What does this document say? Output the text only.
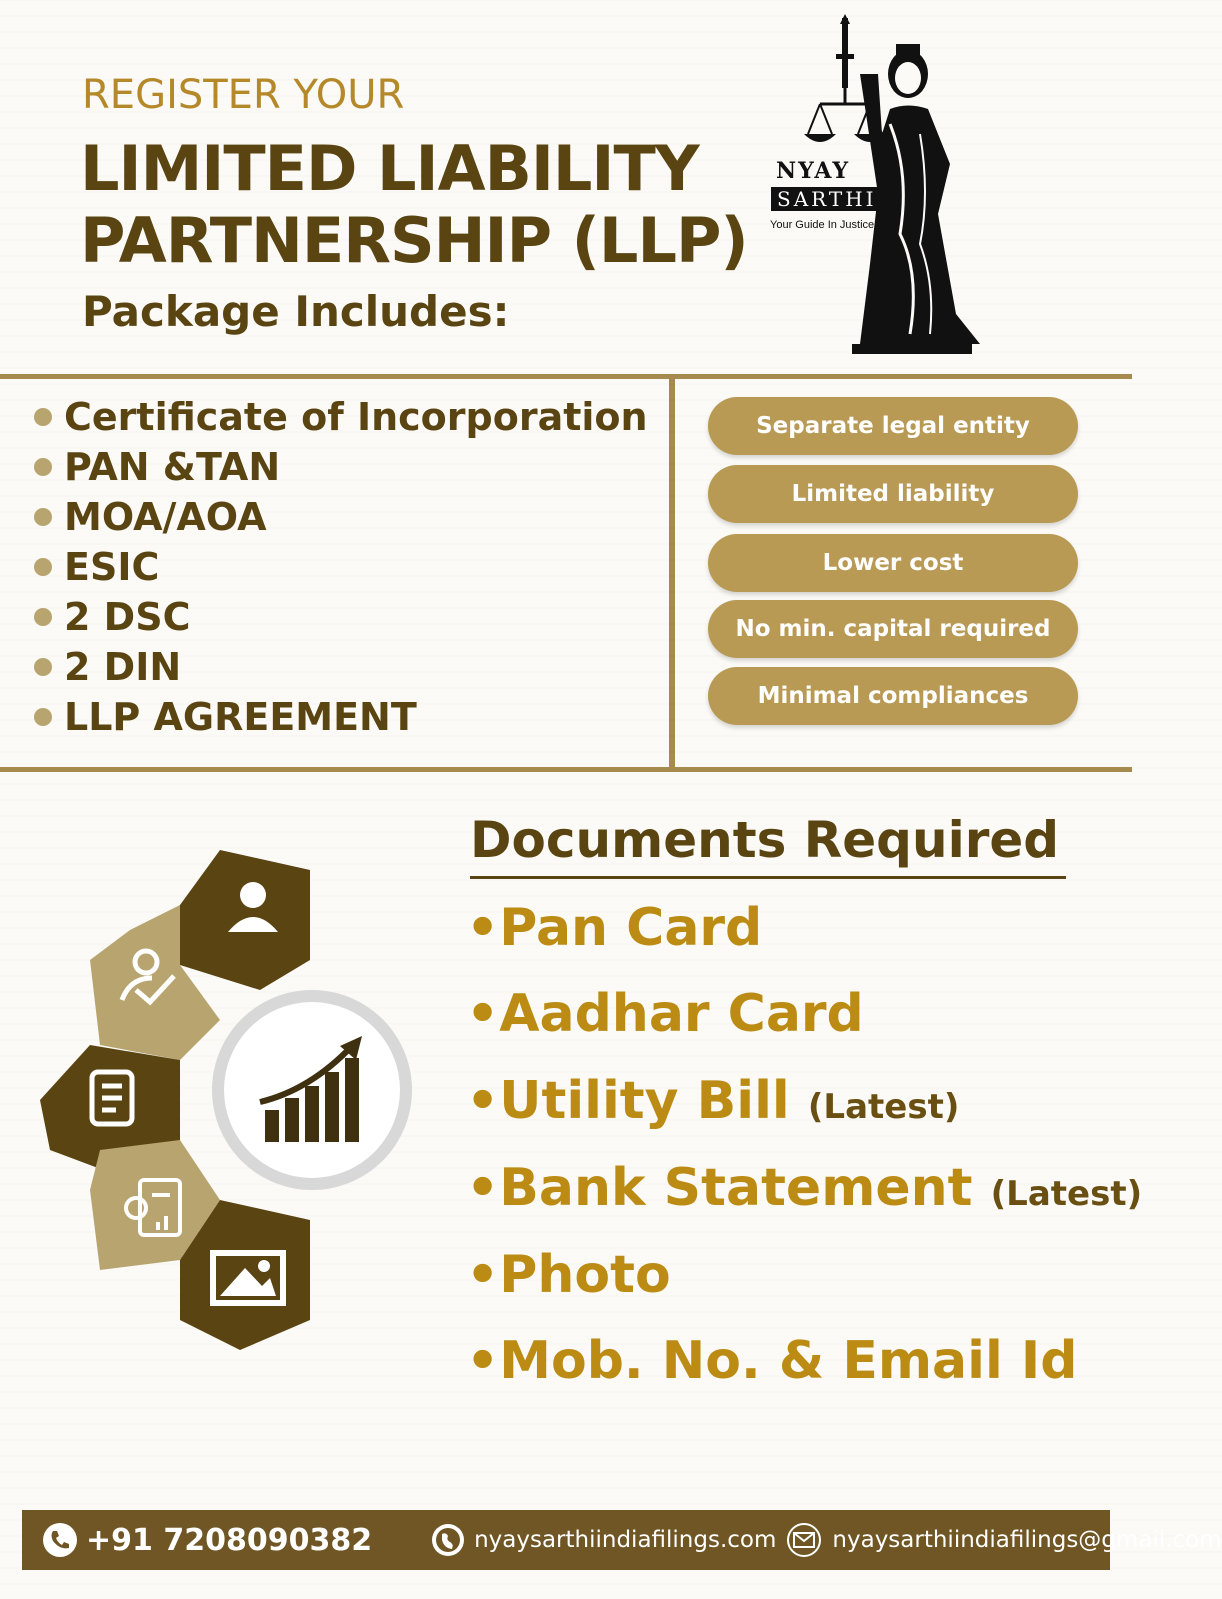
REGISTER YOUR
LIMITED LIABILITY
PARTNERSHIP (LLP)
Package Includes:
NYAY
SARTHI
Your Guide In Justice
Certificate of Incorporation
PAN &TAN
MOA/AOA
ESIC
2 DSC
2 DIN
LLP AGREEMENT
Separate legal entity
Limited liability
Lower cost
No min. capital required
Minimal compliances
Documents Required
•Pan Card
•Aadhar Card
•Utility Bill (Latest)
•Bank Statement (Latest)
•Photo
•Mob. No. & Email Id
+91 7208090382	nyaysarthiindiafilings.com nyaysarthiindiafilings@gmail.com
